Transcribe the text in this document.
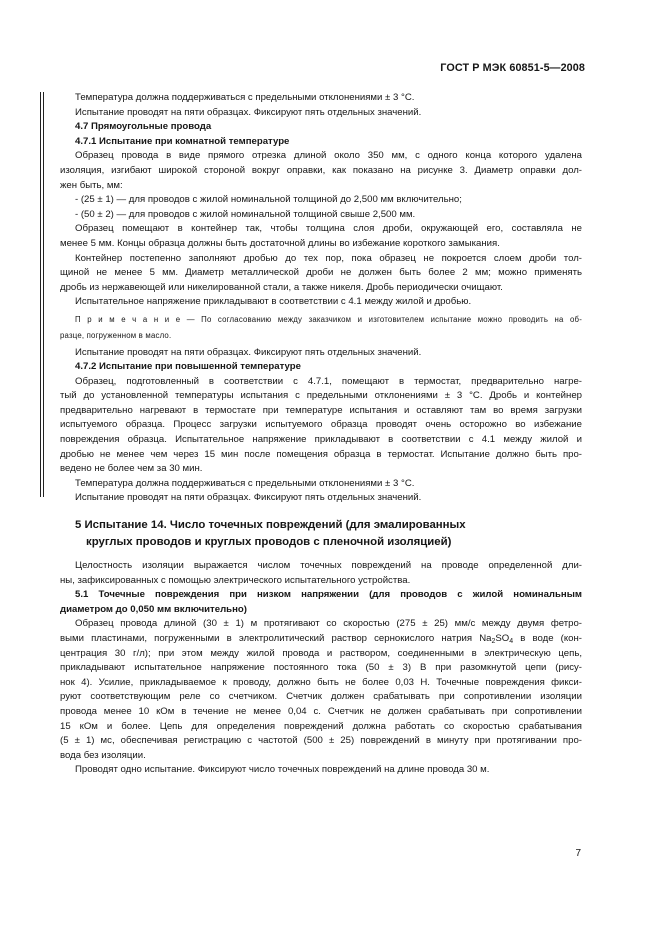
ГОСТ Р МЭК 60851-5—2008

Температура должна поддерживаться с предельными отклонениями ± 3 °С.

Испытание проводят на пяти образцах. Фиксируют пять отдельных значений.

4.7 Прямоугольные провода

4.7.1 Испытание при комнатной температуре

Образец провода в виде прямого отрезка длиной около 350 мм, с одного конца которого удалена

изоляция, изгибают широкой стороной вокруг оправки, как показано на рисунке 3. Диаметр оправки дол-

жен быть, мм:

- (25 ± 1) — для проводов с жилой номинальной толщиной до 2,500 мм включительно;

- (50 ± 2) — для проводов с жилой номинальной толщиной свыше 2,500 мм.

Образец помещают в контейнер так, чтобы толщина слоя дроби, окружающей его, составляла не

менее 5 мм. Концы образца должны быть достаточной длины во избежание короткого замыкания.

Контейнер постепенно заполняют дробью до тех пор, пока образец не покроется слоем дроби тол-

щиной не менее 5 мм. Диаметр металлической дроби не должен быть более 2 мм; можно применять

дробь из нержавеющей или никелированной стали, а также никеля. Дробь периодически очищают.

Испытательное напряжение прикладывают в соответствии с 4.1 между жилой и дробью.

П р и м е ч а н и е — По согласованию между заказчиком и изготовителем испытание можно проводить на об-

разце, погруженном в масло.

Испытание проводят на пяти образцах. Фиксируют пять отдельных значений.

4.7.2 Испытание при повышенной температуре

Образец, подготовленный в соответствии с 4.7.1, помещают в термостат, предварительно нагре-

тый до установленной температуры испытания с предельными отклонениями ± 3 °С. Дробь и контейнер

предварительно нагревают в термостате при температуре испытания и оставляют там во время загрузки

испытуемого образца. Процесс загрузки испытуемого образца проводят очень осторожно во избежание

повреждения образца. Испытательное напряжение прикладывают в соответствии с 4.1 между жилой и

дробью не менее чем через 15 мин после помещения образца в термостат. Испытание должно быть про-

ведено не более чем за 30 мин.

Температура должна поддерживаться с предельными отклонениями ± 3 °С.

Испытание проводят на пяти образцах. Фиксируют пять отдельных значений.

5 Испытание 14. Число точечных повреждений (для эмалированных

круглых проводов и круглых проводов с пленочной изоляцией)

Целостность изоляции выражается числом точечных повреждений на проводе определенной дли-

ны, зафиксированных с помощью электрического испытательного устройства.

5.1 Точечные повреждения при низком напряжении (для проводов с жилой номинальным

диаметром до 0,050 мм включительно)

Образец провода длиной (30 ± 1) м протягивают со скоростью (275 ± 25) мм/с между двумя фетро-

выми пластинами, погруженными в электролитический раствор сернокислого натрия $Na_2SO_4$ в воде (кон-

центрация 30 г/л); при этом между жилой провода и раствором, соединенными в электрическую цепь,

прикладывают испытательное напряжение постоянного тока (50 ± 3) В при разомкнутой цепи (рису-

нок 4). Усилие, прикладываемое к проводу, должно быть не более 0,03 Н. Точечные повреждения фикси-

руют соответствующим реле со счетчиком. Счетчик должен срабатывать при сопротивлении изоляции

провода менее 10 кОм в течение не менее 0,04 с. Счетчик не должен срабатывать при сопротивлении

15 кОм и более. Цепь для определения повреждений должна работать со скоростью срабатывания

(5 ± 1) мс, обеспечивая регистрацию с частотой (500 ± 25) повреждений в минуту при протягивании про-

вода без изоляции.

Проводят одно испытание. Фиксируют число точечных повреждений на длине провода 30 м.

7
